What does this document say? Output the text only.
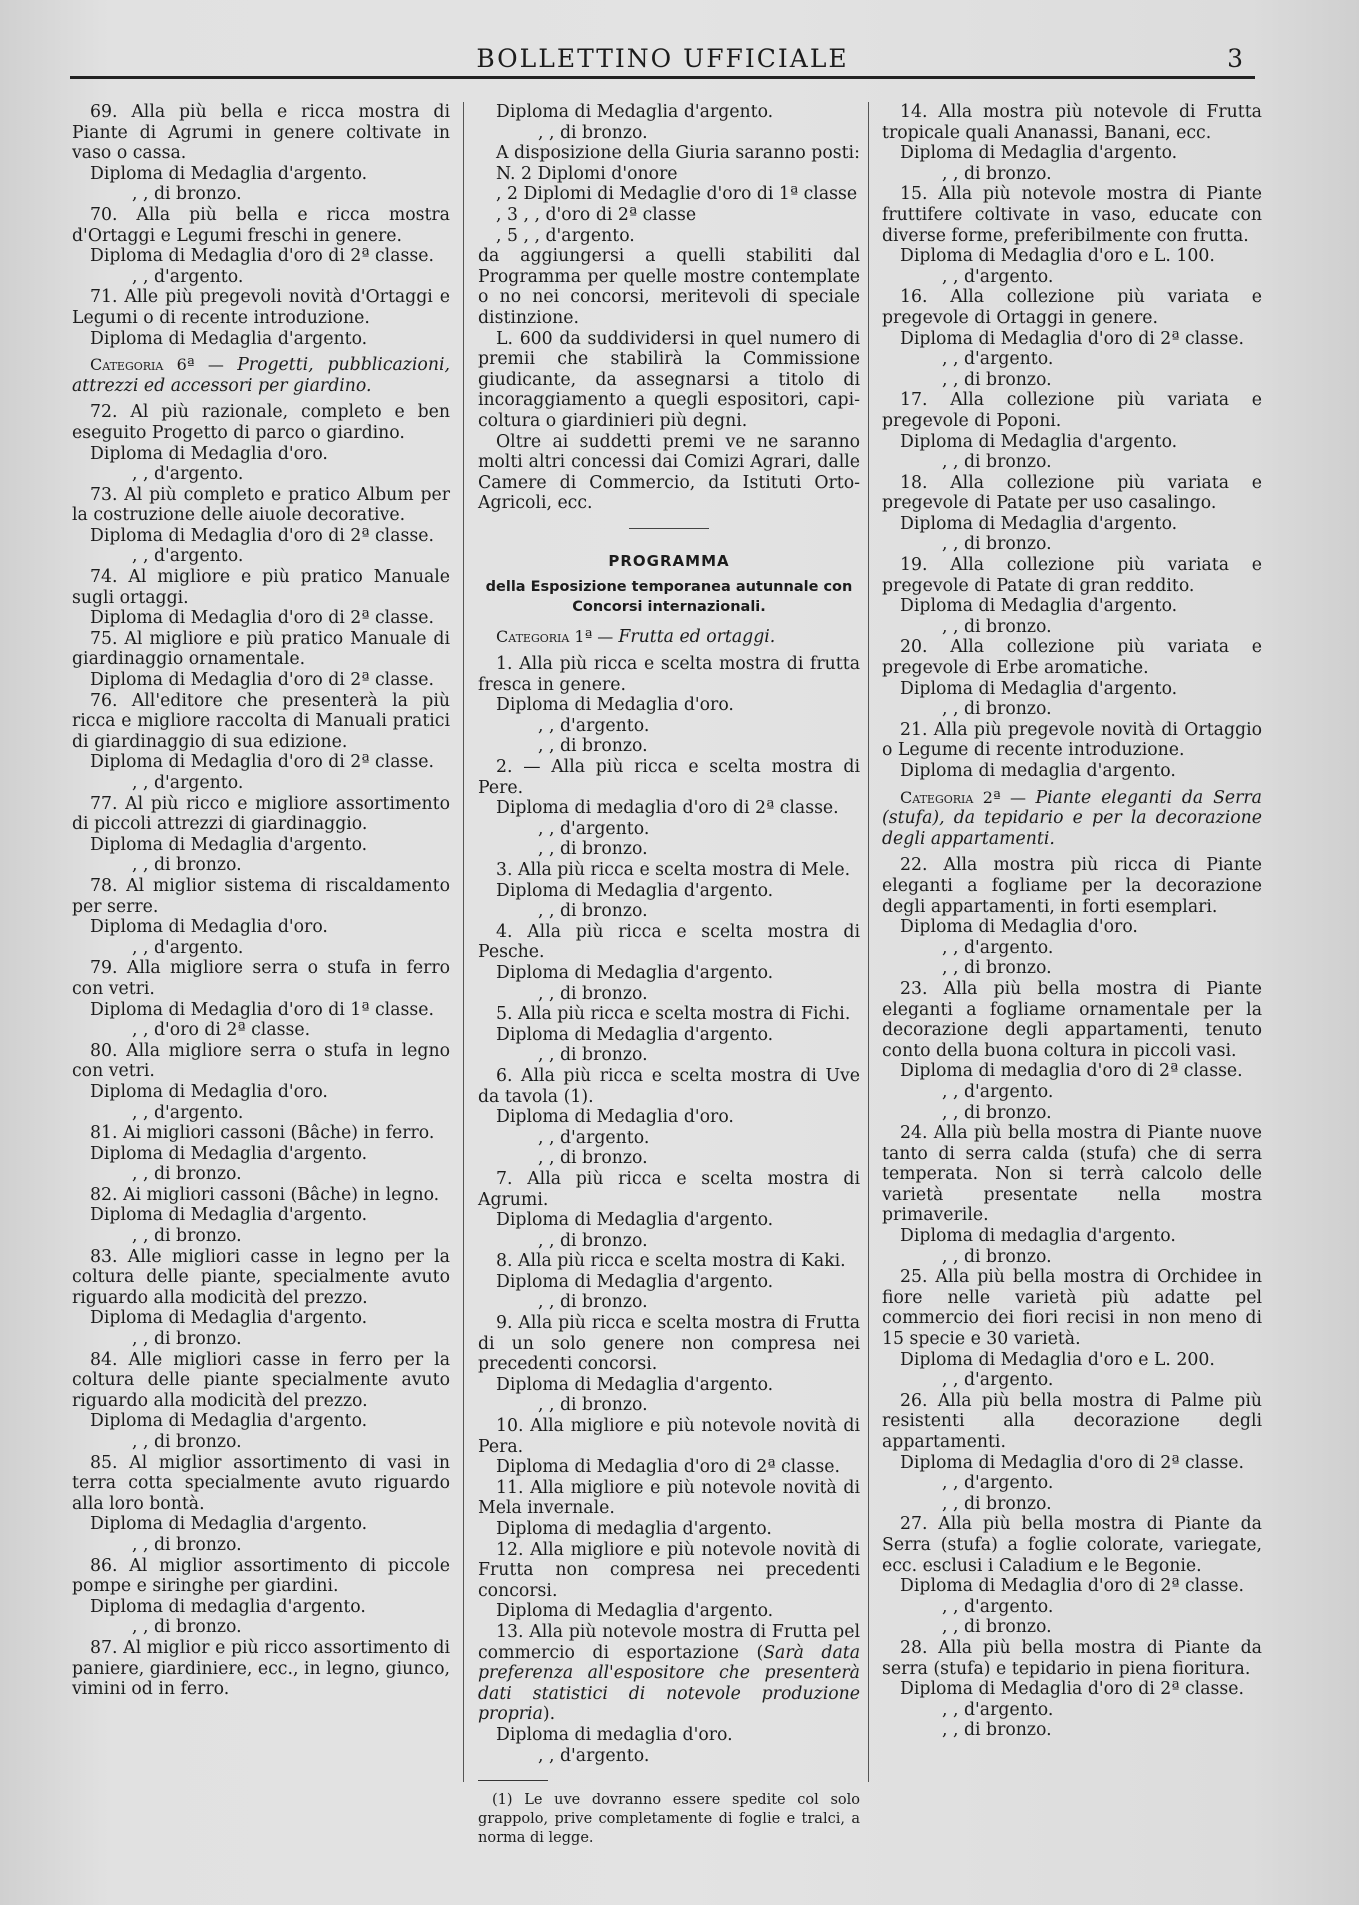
BOLLETTINO UFFICIALE	3

69. Alla più bella e ricca mostra di Piante di Agrumi in genere coltivate in vaso o cassa.

Diploma di Medaglia d'argento.

, , di bronzo.

70. Alla più bella e ricca mostra d'Ortaggi e Legumi freschi in genere.

Diploma di Medaglia d'oro di 2ª classe.

, , d'argento.

71. Alle più pregevoli novità d'Ortaggi e Legumi o di recente introduzione.

Diploma di Medaglia d'argento.

Categoria 6ª — Progetti, pubblicazioni, attrezzi ed accessori per giardino.

72. Al più razionale, completo e ben eseguito Progetto di parco o giardino.

Diploma di Medaglia d'oro.

, , d'argento.

73. Al più completo e pratico Album per la costruzione delle aiuole decorative.

Diploma di Medaglia d'oro di 2ª classe.

, , d'argento.

74. Al migliore e più pratico Manuale sugli ortaggi.

Diploma di Medaglia d'oro di 2ª classe.

75. Al migliore e più pratico Manuale di giardinaggio ornamentale.

Diploma di Medaglia d'oro di 2ª classe.

76. All'editore che presenterà la più ricca e migliore raccolta di Manuali pratici di giardinaggio di sua edizione.

Diploma di Medaglia d'oro di 2ª classe.

, , d'argento.

77. Al più ricco e migliore assortimento di piccoli attrezzi di giardinaggio.

Diploma di Medaglia d'argento.

, , di bronzo.

78. Al miglior sistema di riscaldamento per serre.

Diploma di Medaglia d'oro.

, , d'argento.

79. Alla migliore serra o stufa in ferro con vetri.

Diploma di Medaglia d'oro di 1ª classe.

, , d'oro di 2ª classe.

80. Alla migliore serra o stufa in legno con vetri.

Diploma di Medaglia d'oro.

, , d'argento.

81. Ai migliori cassoni (Bâche) in ferro.

Diploma di Medaglia d'argento.

, , di bronzo.

82. Ai migliori cassoni (Bâche) in legno.

Diploma di Medaglia d'argento.

, , di bronzo.

83. Alle migliori casse in legno per la coltura delle piante, specialmente avuto riguardo alla modicità del prezzo.

Diploma di Medaglia d'argento.

, , di bronzo.

84. Alle migliori casse in ferro per la coltura delle piante specialmente avuto riguardo alla modicità del prezzo.

Diploma di Medaglia d'argento.

, , di bronzo.

85. Al miglior assortimento di vasi in terra cotta specialmente avuto riguardo alla loro bontà.

Diploma di Medaglia d'argento.

, , di bronzo.

86. Al miglior assortimento di piccole pompe e siringhe per giardini.

Diploma di medaglia d'argento.

, , di bronzo.

87. Al miglior e più ricco assortimento di paniere, giardiniere, ecc., in legno, giunco, vimini od in ferro.

Diploma di Medaglia d'argento.

, , di bronzo.

A disposizione della Giuria saranno posti:

N. 2 Diplomi d'onore

, 2 Diplomi di Medaglie d'oro di 1ª classe

, 3 , , d'oro di 2ª classe

, 5 , , d'argento.

da aggiungersi a quelli stabiliti dal Programma per quelle mostre contemplate o no nei concorsi, meritevoli di speciale distinzione.

L. 600 da suddividersi in quel numero di premii che stabilirà la Commissione giudicante, da assegnarsi a titolo di incoraggiamento a quegli espositori, capi-coltura o giardinieri più degni.

Oltre ai suddetti premi ve ne saranno molti altri concessi dai Comizi Agrari, dalle Camere di Commercio, da Istituti Orto-Agricoli, ecc.

PROGRAMMA

della Esposizione temporanea autunnale con Concorsi internazionali.

Categoria 1ª — Frutta ed ortaggi.

1. Alla più ricca e scelta mostra di frutta fresca in genere.

Diploma di Medaglia d'oro.

, , d'argento.

, , di bronzo.

2. — Alla più ricca e scelta mostra di Pere.

Diploma di medaglia d'oro di 2ª classe.

, , d'argento.

, , di bronzo.

3. Alla più ricca e scelta mostra di Mele.

Diploma di Medaglia d'argento.

, , di bronzo.

4. Alla più ricca e scelta mostra di Pesche.

Diploma di Medaglia d'argento.

, , di bronzo.

5. Alla più ricca e scelta mostra di Fichi.

Diploma di Medaglia d'argento.

, , di bronzo.

6. Alla più ricca e scelta mostra di Uve da tavola (1).

Diploma di Medaglia d'oro.

, , d'argento.

, , di bronzo.

7. Alla più ricca e scelta mostra di Agrumi.

Diploma di Medaglia d'argento.

, , di bronzo.

8. Alla più ricca e scelta mostra di Kaki.

Diploma di Medaglia d'argento.

, , di bronzo.

9. Alla più ricca e scelta mostra di Frutta di un solo genere non compresa nei precedenti concorsi.

Diploma di Medaglia d'argento.

, , di bronzo.

10. Alla migliore e più notevole novità di Pera.

Diploma di Medaglia d'oro di 2ª classe.

11. Alla migliore e più notevole novità di Mela invernale.

Diploma di medaglia d'argento.

12. Alla migliore e più notevole novità di Frutta non compresa nei precedenti concorsi.

Diploma di Medaglia d'argento.

13. Alla più notevole mostra di Frutta pel commercio di esportazione (Sarà data preferenza all'espositore che presenterà dati statistici di notevole produzione propria).

Diploma di medaglia d'oro.

, , d'argento.

(1) Le uve dovranno essere spedite col solo grappolo, prive completamente di foglie e tralci, a norma di legge.

14. Alla mostra più notevole di Frutta tropicale quali Ananassi, Banani, ecc.

Diploma di Medaglia d'argento.

, , di bronzo.

15. Alla più notevole mostra di Piante fruttifere coltivate in vaso, educate con diverse forme, preferibilmente con frutta.

Diploma di Medaglia d'oro e L. 100.

, , d'argento.

16. Alla collezione più variata e pregevole di Ortaggi in genere.

Diploma di Medaglia d'oro di 2ª classe.

, , d'argento.

, , di bronzo.

17. Alla collezione più variata e pregevole di Poponi.

Diploma di Medaglia d'argento.

, , di bronzo.

18. Alla collezione più variata e pregevole di Patate per uso casalingo.

Diploma di Medaglia d'argento.

, , di bronzo.

19. Alla collezione più variata e pregevole di Patate di gran reddito.

Diploma di Medaglia d'argento.

, , di bronzo.

20. Alla collezione più variata e pregevole di Erbe aromatiche.

Diploma di Medaglia d'argento.

, , di bronzo.

21. Alla più pregevole novità di Ortaggio o Legume di recente introduzione.

Diploma di medaglia d'argento.

Categoria 2ª — Piante eleganti da Serra (stufa), da tepidario e per la decorazione degli appartamenti.

22. Alla mostra più ricca di Piante eleganti a fogliame per la decorazione degli appartamenti, in forti esemplari.

Diploma di Medaglia d'oro.

, , d'argento.

, , di bronzo.

23. Alla più bella mostra di Piante eleganti a fogliame ornamentale per la decorazione degli appartamenti, tenuto conto della buona coltura in piccoli vasi.

Diploma di medaglia d'oro di 2ª classe.

, , d'argento.

, , di bronzo.

24. Alla più bella mostra di Piante nuove tanto di serra calda (stufa) che di serra temperata. Non si terrà calcolo delle varietà presentate nella mostra primaverile.

Diploma di medaglia d'argento.

, , di bronzo.

25. Alla più bella mostra di Orchidee in fiore nelle varietà più adatte pel commercio dei fiori recisi in non meno di 15 specie e 30 varietà.

Diploma di Medaglia d'oro e L. 200.

, , d'argento.

26. Alla più bella mostra di Palme più resistenti alla decorazione degli appartamenti.

Diploma di Medaglia d'oro di 2ª classe.

, , d'argento.

, , di bronzo.

27. Alla più bella mostra di Piante da Serra (stufa) a foglie colorate, variegate, ecc. esclusi i Caladium e le Begonie.

Diploma di Medaglia d'oro di 2ª classe.

, , d'argento.

, , di bronzo.

28. Alla più bella mostra di Piante da serra (stufa) e tepidario in piena fioritura.

Diploma di Medaglia d'oro di 2ª classe.

, , d'argento.

, , di bronzo.
